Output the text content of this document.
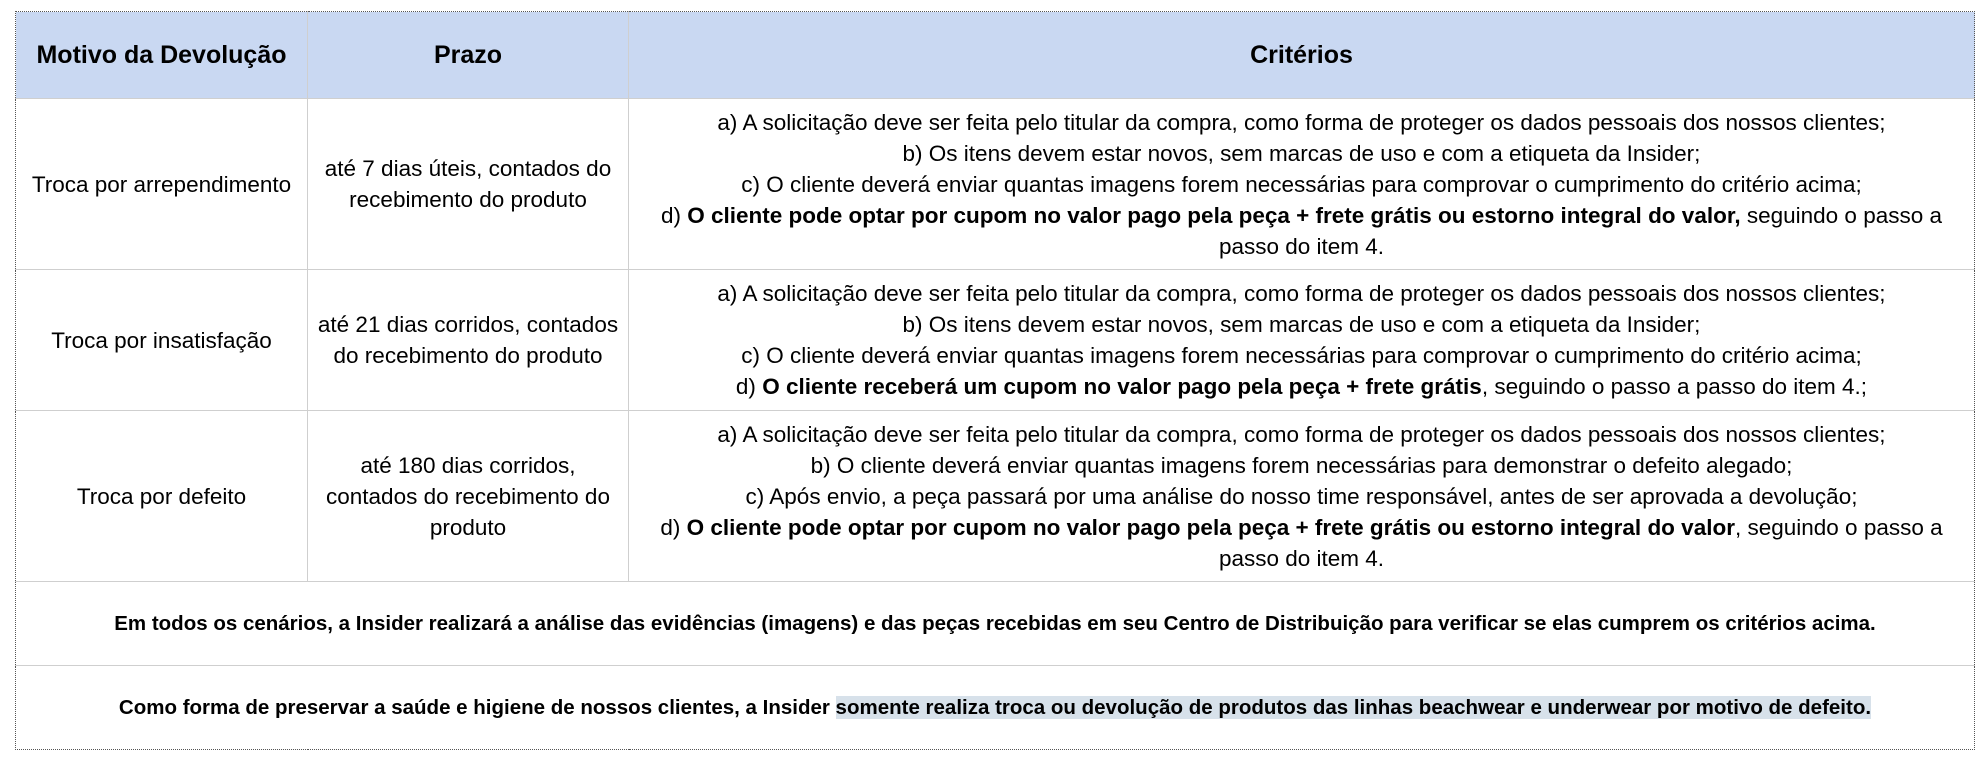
Motivo da Devolução	Prazo	Critérios
Troca por arrependimento	até 7 dias úteis, contados do recebimento do produto	a) A solicitação deve ser feita pelo titular da compra, como forma de proteger os dados pessoais dos nossos clientes;
b) Os itens devem estar novos, sem marcas de uso e com a etiqueta da Insider;
c) O cliente deverá enviar quantas imagens forem necessárias para comprovar o cumprimento do critério acima;
d) O cliente pode optar por cupom no valor pago pela peça + frete grátis ou estorno integral do valor, seguindo o passo a passo do item 4.

Troca por insatisfação	até 21 dias corridos, contados do recebimento do produto	a) A solicitação deve ser feita pelo titular da compra, como forma de proteger os dados pessoais dos nossos clientes;
b) Os itens devem estar novos, sem marcas de uso e com a etiqueta da Insider;
c) O cliente deverá enviar quantas imagens forem necessárias para comprovar o cumprimento do critério acima;
d) O cliente receberá um cupom no valor pago pela peça + frete grátis, seguindo o passo a passo do item 4.;

Troca por defeito	até 180 dias corridos, contados do recebimento do produto	a) A solicitação deve ser feita pelo titular da compra, como forma de proteger os dados pessoais dos nossos clientes;
b) O cliente deverá enviar quantas imagens forem necessárias para demonstrar o defeito alegado;
c) Após envio, a peça passará por uma análise do nosso time responsável, antes de ser aprovada a devolução;
d) O cliente pode optar por cupom no valor pago pela peça + frete grátis ou estorno integral do valor, seguindo o passo a passo do item 4.

Em todos os cenários, a Insider realizará a análise das evidências (imagens) e das peças recebidas em seu Centro de Distribuição para verificar se elas cumprem os critérios acima.		
Como forma de preservar a saúde e higiene de nossos clientes, a Insider somente realiza troca ou devolução de produtos das linhas beachwear e underwear por motivo de defeito.		
